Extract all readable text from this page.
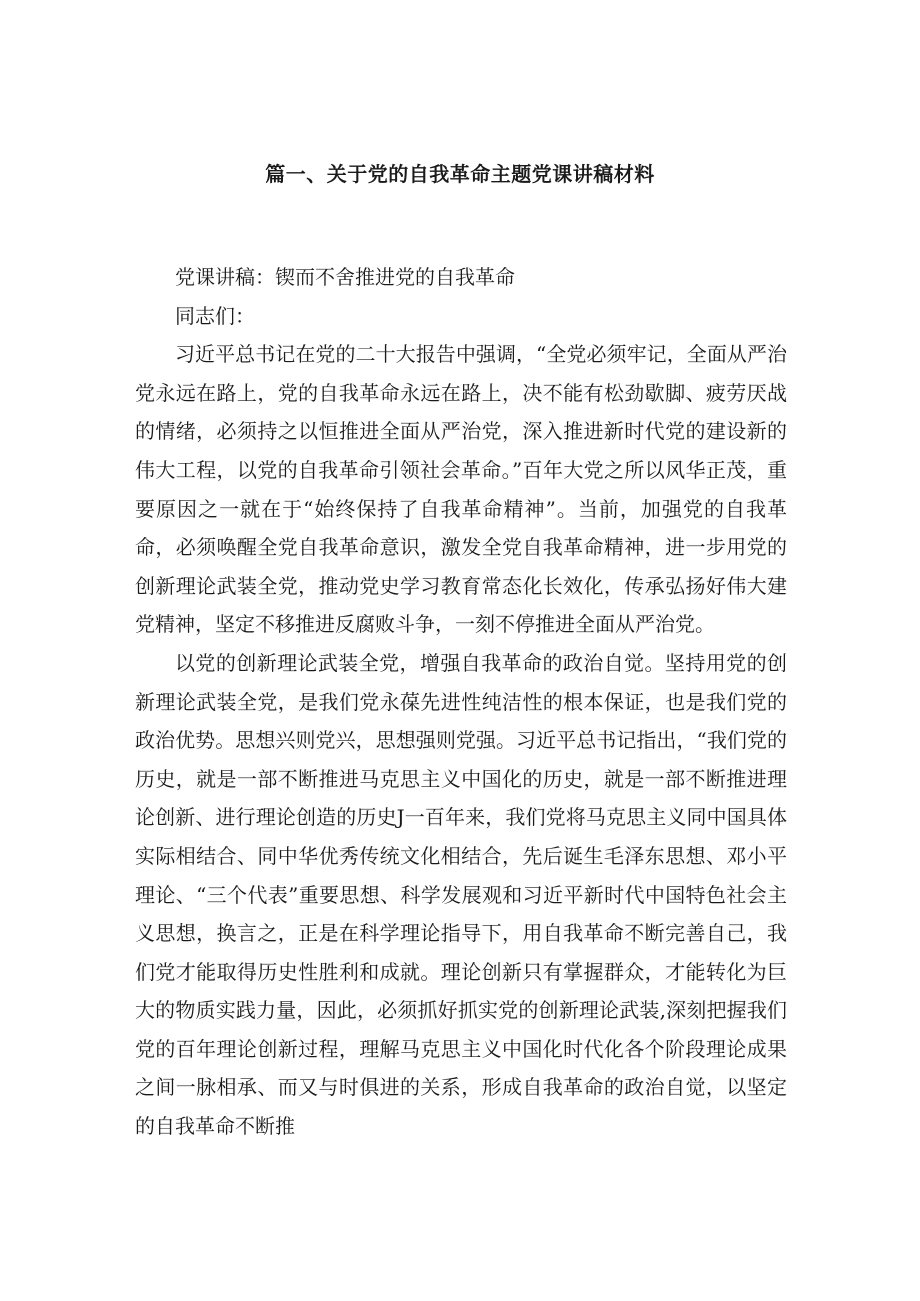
篇一、关于党的自我革命主题党课讲稿材料

党课讲稿：锲而不舍推进党的自我革命

同志们：

习近平总书记在党的二十大报告中强调，“全党必须牢记，全面从严治党永远在路上，党的自我革命永远在路上，决不能有松劲歇脚、疲劳厌战的情绪，必须持之以恒推进全面从严治党，深入推进新时代党的建设新的伟大工程，以党的自我革命引领社会革命。”百年大党之所以风华正茂，重要原因之一就在于“始终保持了自我革命精神”。当前，加强党的自我革命，必须唤醒全党自我革命意识，激发全党自我革命精神，进一步用党的创新理论武装全党，推动党史学习教育常态化长效化，传承弘扬好伟大建党精神，坚定不移推进反腐败斗争，一刻不停推进全面从严治党。

以党的创新理论武装全党，增强自我革命的政治自觉。坚持用党的创新理论武装全党，是我们党永葆先进性纯洁性的根本保证，也是我们党的政治优势。思想兴则党兴，思想强则党强。习近平总书记指出，“我们党的历史，就是一部不断推进马克思主义中国化的历史，就是一部不断推进理论创新、进行理论创造的历史J一百年来，我们党将马克思主义同中国具体实际相结合、同中华优秀传统文化相结合，先后诞生毛泽东思想、邓小平理论、“三个代表”重要思想、科学发展观和习近平新时代中国特色社会主义思想，换言之，正是在科学理论指导下，用自我革命不断完善自己，我们党才能取得历史性胜利和成就。理论创新只有掌握群众，才能转化为巨大的物质实践力量，因此，必须抓好抓实党的创新理论武装,深刻把握我们党的百年理论创新过程，理解马克思主义中国化时代化各个阶段理论成果之间一脉相承、而又与时俱进的关系，形成自我革命的政治自觉，以坚定的自我革命不断推
